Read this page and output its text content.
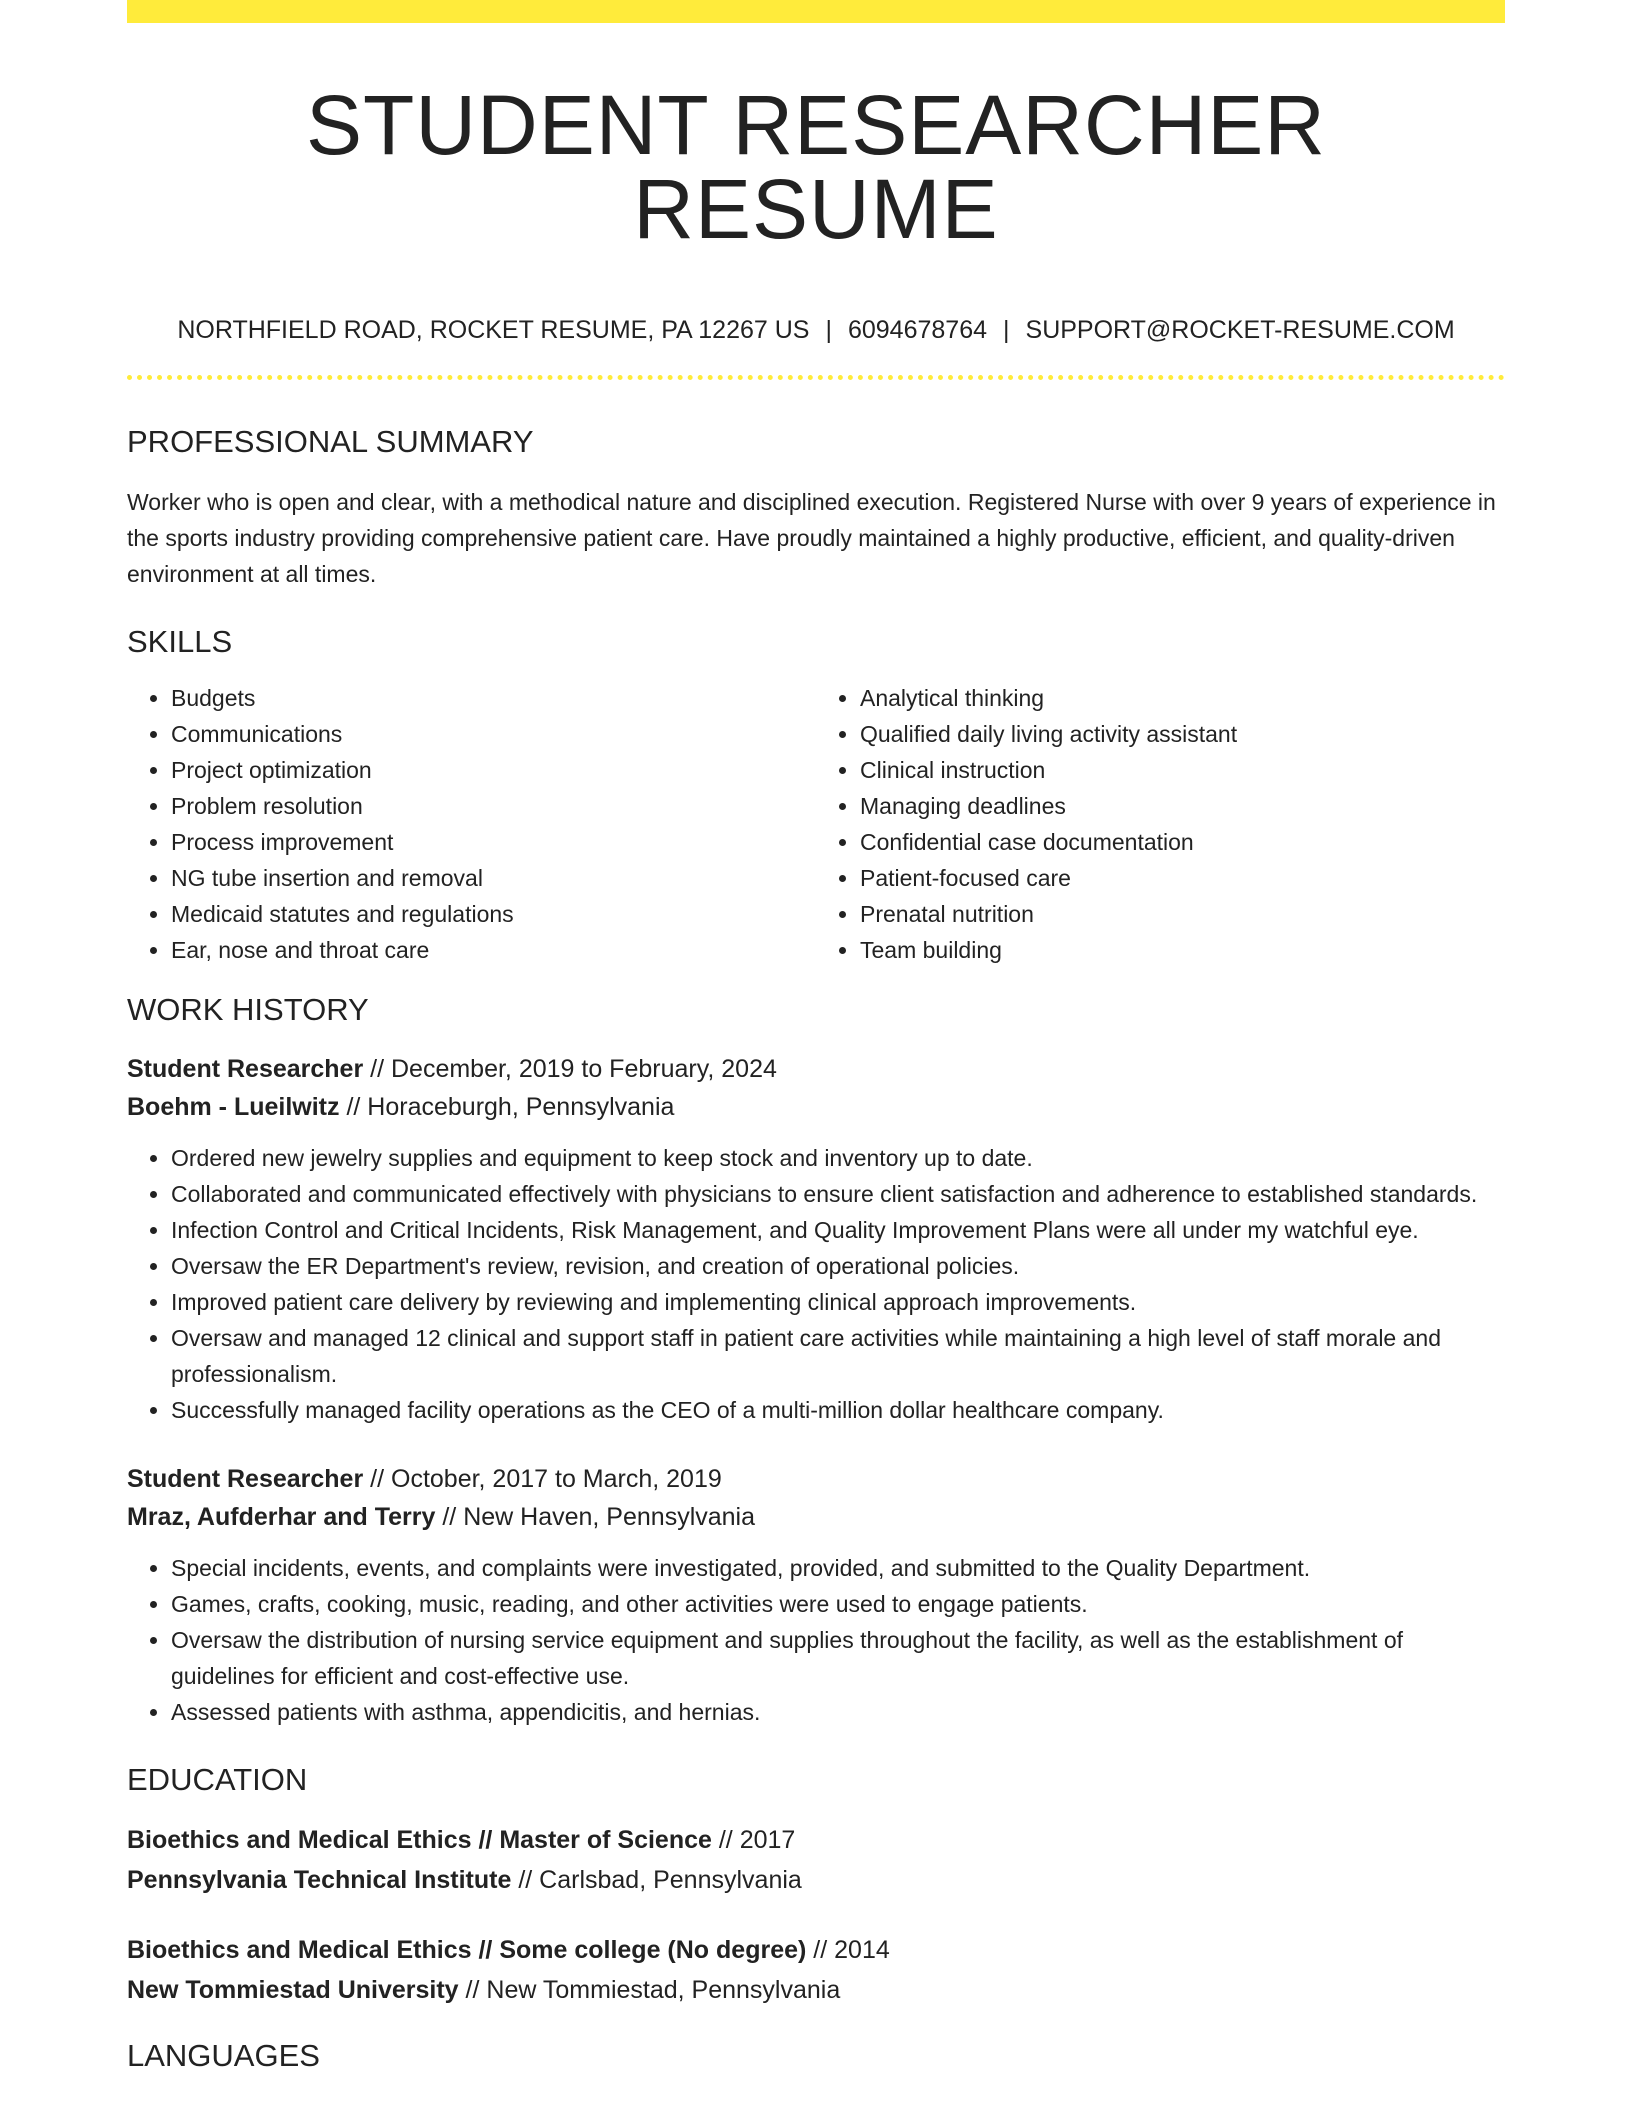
STUDENT RESEARCHER RESUME
NORTHFIELD ROAD, ROCKET RESUME, PA 12267 US | 6094678764 | SUPPORT@ROCKET-RESUME.COM
PROFESSIONAL SUMMARY

Worker who is open and clear, with a methodical nature and disciplined execution. Registered Nurse with over 9 years of experience in the sports industry providing comprehensive patient care. Have proudly maintained a highly productive, efficient, and quality-driven environment at all times.

SKILLS
• Budgets
• Communications
• Project optimization
• Problem resolution
• Process improvement
• NG tube insertion and removal
• Medicaid statutes and regulations
• Ear, nose and throat care
• Analytical thinking
• Qualified daily living activity assistant
• Clinical instruction
• Managing deadlines
• Confidential case documentation
• Patient-focused care
• Prenatal nutrition
• Team building
WORK HISTORY
Student Researcher // December, 2019 to February, 2024
Boehm - Lueilwitz // Horaceburgh, Pennsylvania
• Ordered new jewelry supplies and equipment to keep stock and inventory up to date.
• Collaborated and communicated effectively with physicians to ensure client satisfaction and adherence to established standards.
• Infection Control and Critical Incidents, Risk Management, and Quality Improvement Plans were all under my watchful eye.
• Oversaw the ER Department's review, revision, and creation of operational policies.
• Improved patient care delivery by reviewing and implementing clinical approach improvements.
• Oversaw and managed 12 clinical and support staff in patient care activities while maintaining a high level of staff morale and professionalism.
• Successfully managed facility operations as the CEO of a multi-million dollar healthcare company.
Student Researcher // October, 2017 to March, 2019
Mraz, Aufderhar and Terry // New Haven, Pennsylvania
• Special incidents, events, and complaints were investigated, provided, and submitted to the Quality Department.
• Games, crafts, cooking, music, reading, and other activities were used to engage patients.
• Oversaw the distribution of nursing service equipment and supplies throughout the facility, as well as the establishment of guidelines for efficient and cost-effective use.
• Assessed patients with asthma, appendicitis, and hernias.
EDUCATION
Bioethics and Medical Ethics // Master of Science // 2017
Pennsylvania Technical Institute // Carlsbad, Pennsylvania
Bioethics and Medical Ethics // Some college (No degree) // 2014
New Tommiestad University // New Tommiestad, Pennsylvania
LANGUAGES
